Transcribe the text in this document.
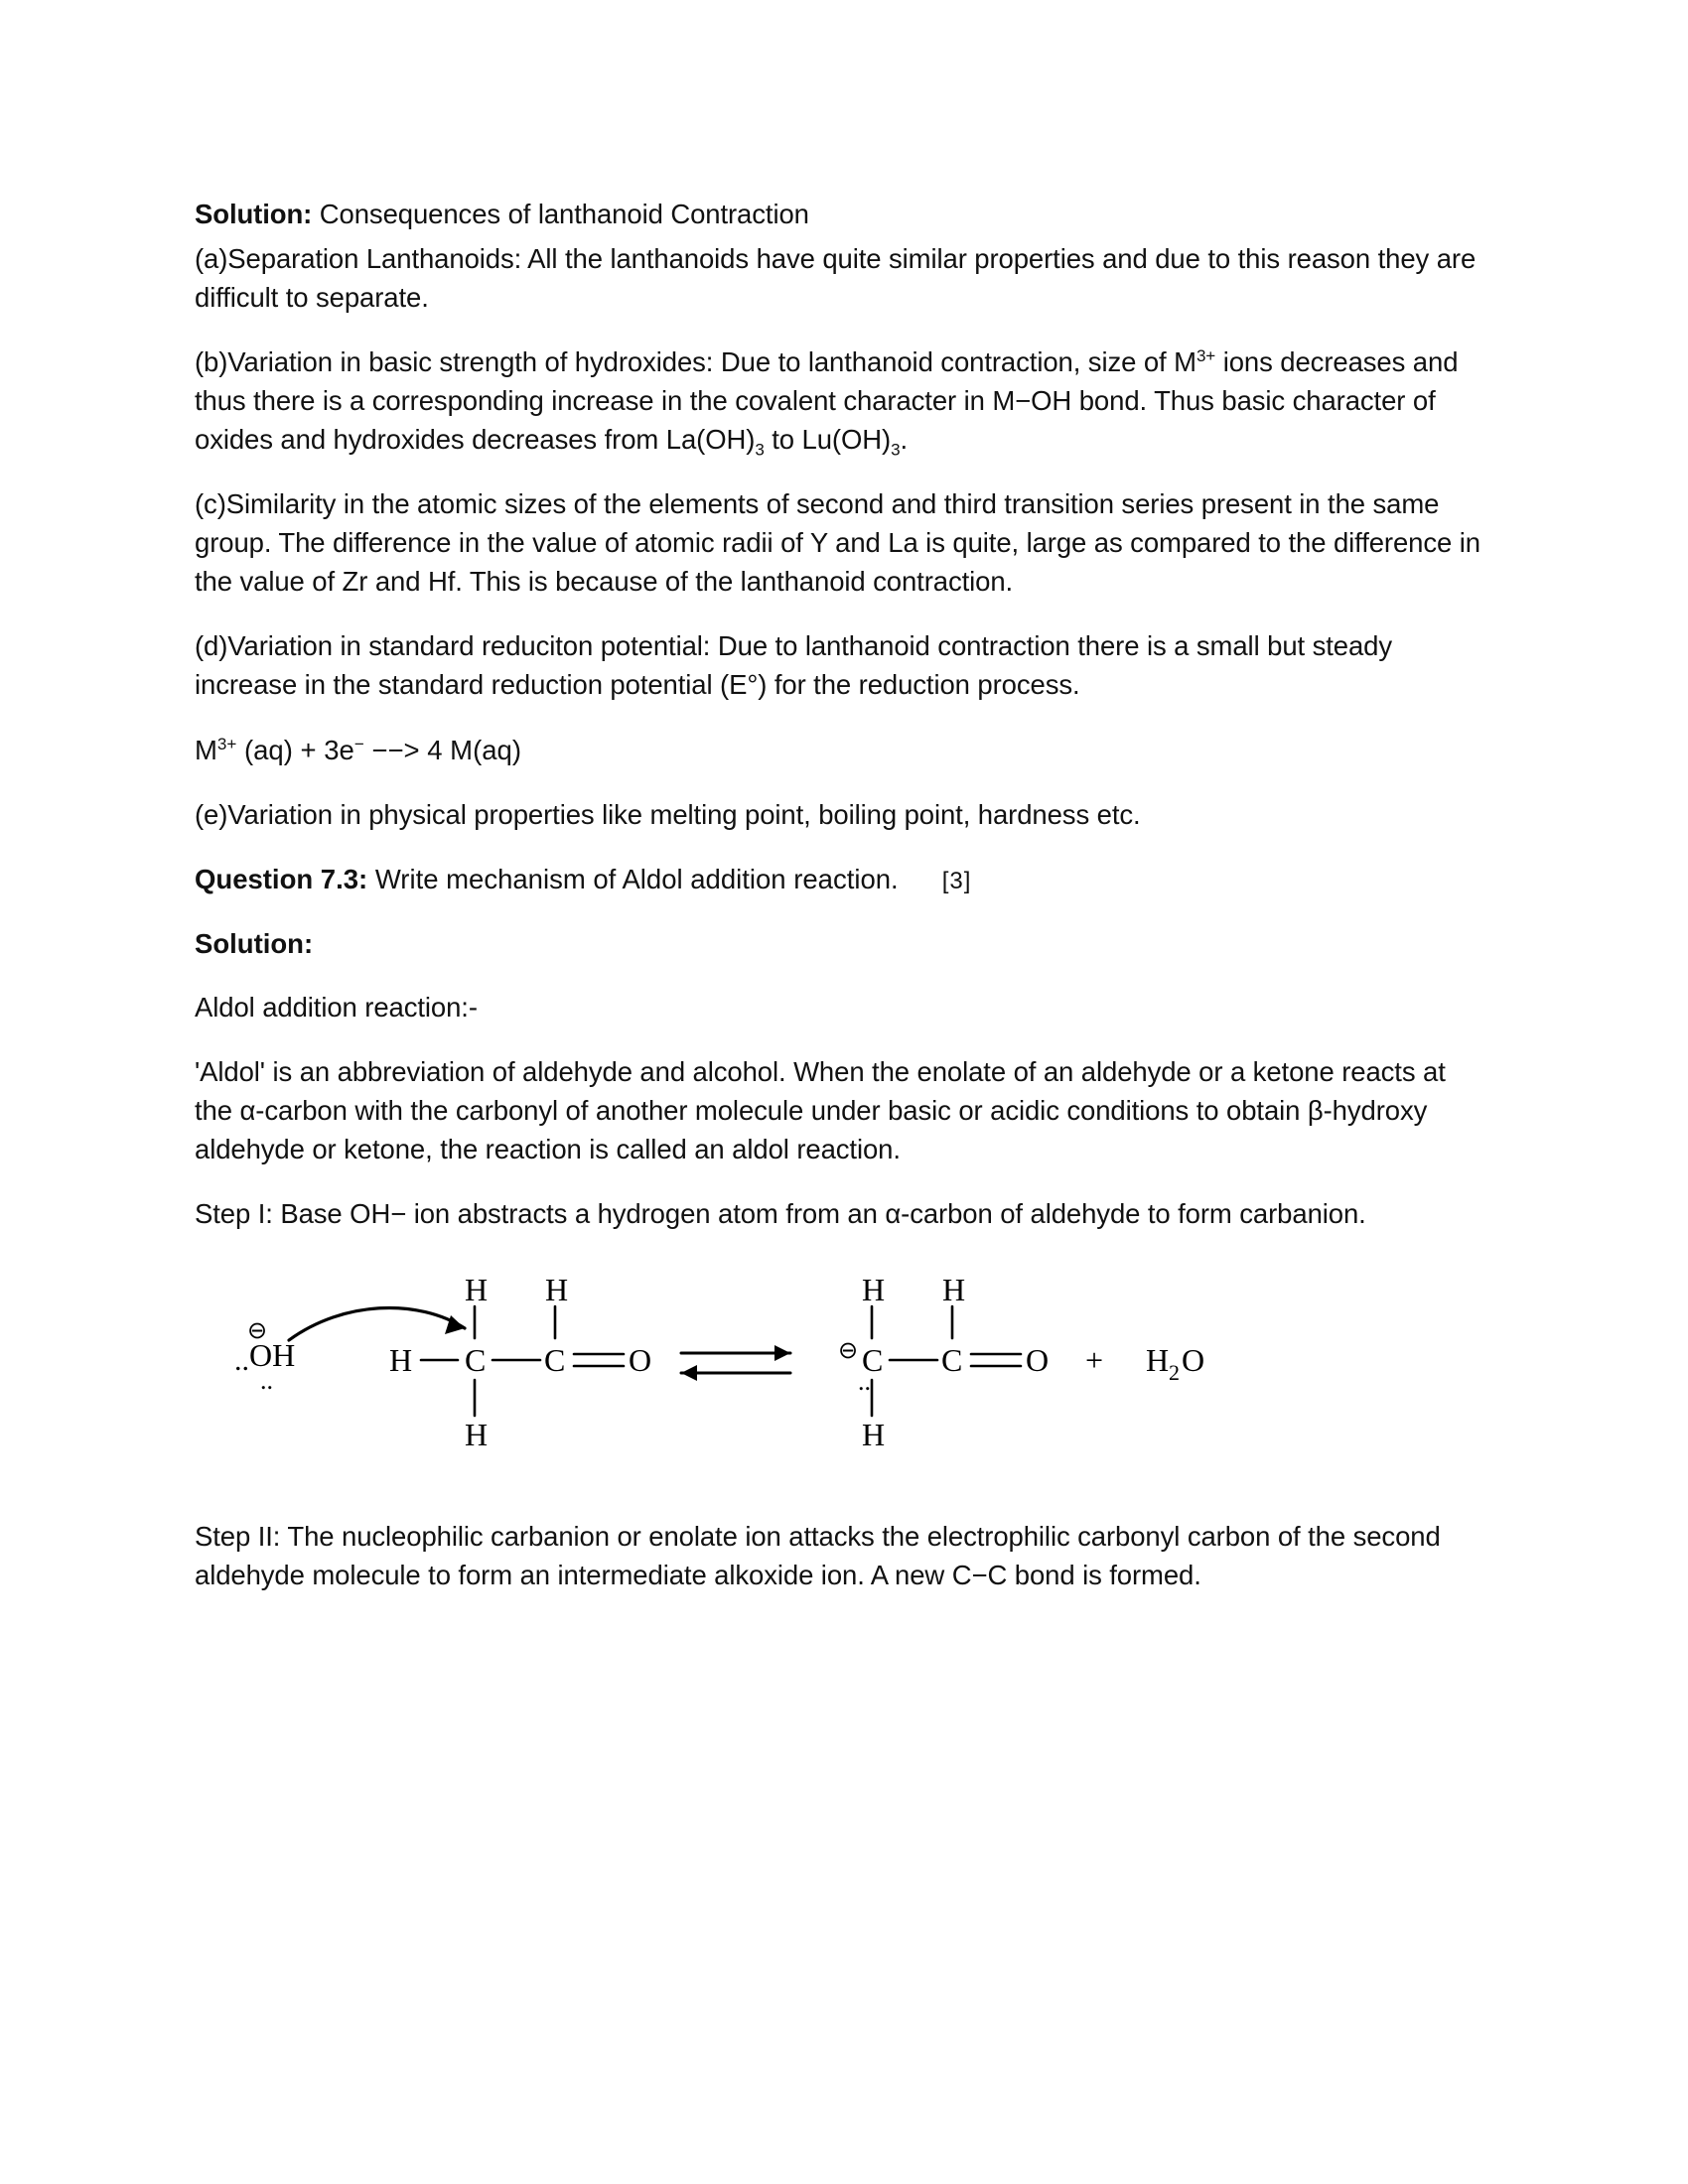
Solution: Consequences of lanthanoid Contraction

(a)Separation Lanthanoids: All the lanthanoids have quite similar properties and due to this reason they are difficult to separate.

(b)Variation in basic strength of hydroxides: Due to lanthanoid contraction, size of $M^{3+}$ ions decreases and thus there is a corresponding increase in the covalent character in M−OH bond. Thus basic character of oxides and hydroxides decreases from $La(OH)_3$ to $Lu(OH)_3$.

(c)Similarity in the atomic sizes of the elements of second and third transition series present in the same group. The difference in the value of atomic radii of Y and La is quite, large as compared to the difference in the value of Zr and Hf. This is because of the lanthanoid contraction.

(d)Variation in standard reduciton potential: Due to lanthanoid contraction there is a small but steady increase in the standard reduction potential (E°) for the reduction process.

$M^{3+}$ (aq) + 3e− −−> 4 M(aq)

(e)Variation in physical properties like melting point, boiling point, hardness etc.

Question 7.3: Write mechanism of Aldol addition reaction. [3]

Solution:

Aldol addition reaction:-

'Aldol' is an abbreviation of aldehyde and alcohol. When the enolate of an aldehyde or a ketone reacts at the α-carbon with the carbonyl of another molecule under basic or acidic conditions to obtain β-hydroxy aldehyde or ketone, the reaction is called an aldol reaction.

Step I: Base OH− ion abstracts a hydrogen atom from an α-carbon of aldehyde to form carbanion.

.. OH
⊖
..
H C C O
H H
H
⊖ C
..
C O
H H
H
+ H 2 O

Step II: The nucleophilic carbanion or enolate ion attacks the electrophilic carbonyl carbon of the second aldehyde molecule to form an intermediate alkoxide ion. A new C−C bond is formed.
